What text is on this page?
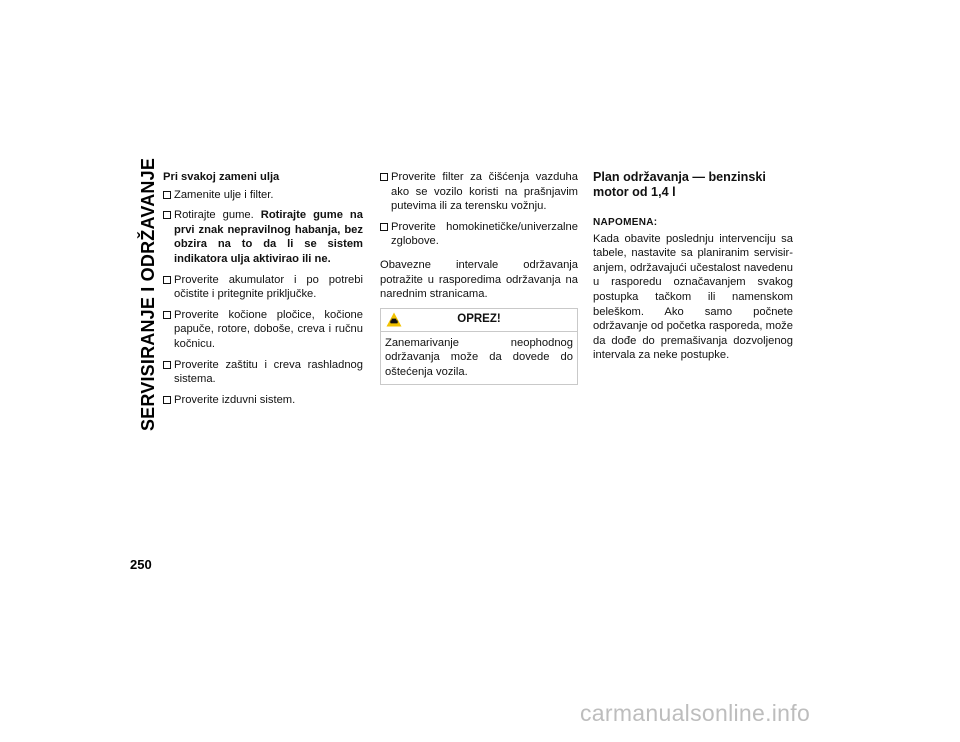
SERVISIRANJE I ODRŽAVANJE
250
Pri svakoj zameni ulja
Zamenite ulje i filter.
Rotirajte gume. Rotirajte gume na prvi znak nepravilnog habanja, bez obzira na to da li se sistem indikatora ulja aktivirao ili ne.
Proverite akumulator i po potrebi očistite i pritegnite priključke.
Proverite kočione pločice, kočione papuče, rotore, doboše, creva i ručnu kočnicu.
Proverite zaštitu i creva rashladnog sistema.
Proverite izduvni sistem.
Proverite filter za čišćenja vazduha ako se vozilo koristi na prašnjavim putevima ili za terensku vožnju.
Proverite homokinetičke/univerzalne zglobove.

Obavezne intervale održavanja potražite u rasporedima održavanja na narednim stranicama.

OPREZ!
Zanemarivanje neophodnog održavanja može da dovede do oštećenja vozila.
Plan održavanja — benzinski motor od 1,4 l
NAPOMENA:

Kada obavite poslednju intervenciju sa tabele, nastavite sa planiranim servisir-anjem, održavajući učestalost navedenu u rasporedu označavanjem svakog postupka tačkom ili namenskom beleškom. Ako samo počnete održavanje od početka rasporeda, može da dođe do premašivanja dozvoljenog intervala za neke postupke.

carmanualsonline.info
